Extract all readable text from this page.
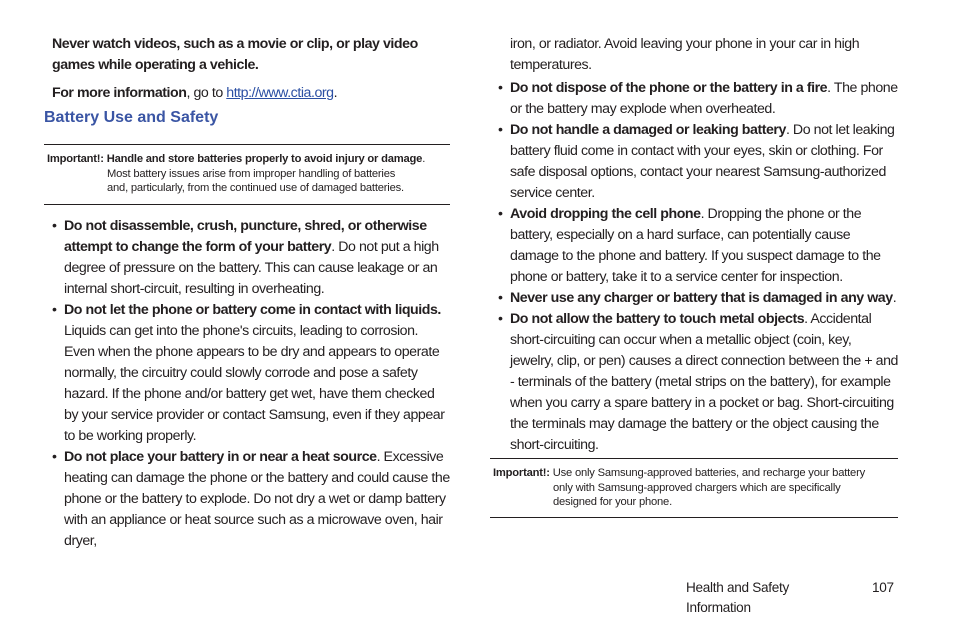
Never watch videos, such as a movie or clip, or play video games while operating a vehicle.

For more information, go to http://www.ctia.org.

Battery Use and Safety
Important!: Handle and store batteries properly to avoid injury or damage.
Most battery issues arise from improper handling of batteries
and, particularly, from the continued use of damaged batteries.
• Do not disassemble, crush, puncture, shred, or otherwise attempt to change the form of your battery. Do not put a high degree of pressure on the battery. This can cause leakage or an internal short-circuit, resulting in overheating.
• Do not let the phone or battery come in contact with liquids. Liquids can get into the phone's circuits, leading to corrosion. Even when the phone appears to be dry and appears to operate normally, the circuitry could slowly corrode and pose a safety hazard. If the phone and/or battery get wet, have them checked by your service provider or contact Samsung, even if they appear to be working properly.
• Do not place your battery in or near a heat source. Excessive heating can damage the phone or the battery and could cause the phone or the battery to explode. Do not dry a wet or damp battery with an appliance or heat source such as a microwave oven, hair dryer,

iron, or radiator. Avoid leaving your phone in your car in high temperatures.

• Do not dispose of the phone or the battery in a fire. The phone or the battery may explode when overheated.
• Do not handle a damaged or leaking battery. Do not let leaking battery fluid come in contact with your eyes, skin or clothing. For safe disposal options, contact your nearest Samsung-authorized service center.
• Avoid dropping the cell phone. Dropping the phone or the battery, especially on a hard surface, can potentially cause damage to the phone and battery. If you suspect damage to the phone or battery, take it to a service center for inspection.
• Never use any charger or battery that is damaged in any way.
• Do not allow the battery to touch metal objects. Accidental short-circuiting can occur when a metallic object (coin, key, jewelry, clip, or pen) causes a direct connection between the + and - terminals of the battery (metal strips on the battery), for example when you carry a spare battery in a pocket or bag. Short-circuiting the terminals may damage the battery or the object causing the short-circuiting.
Important!: Use only Samsung-approved batteries, and recharge your battery
only with Samsung-approved chargers which are specifically
designed for your phone.
Health and Safety Information
107
